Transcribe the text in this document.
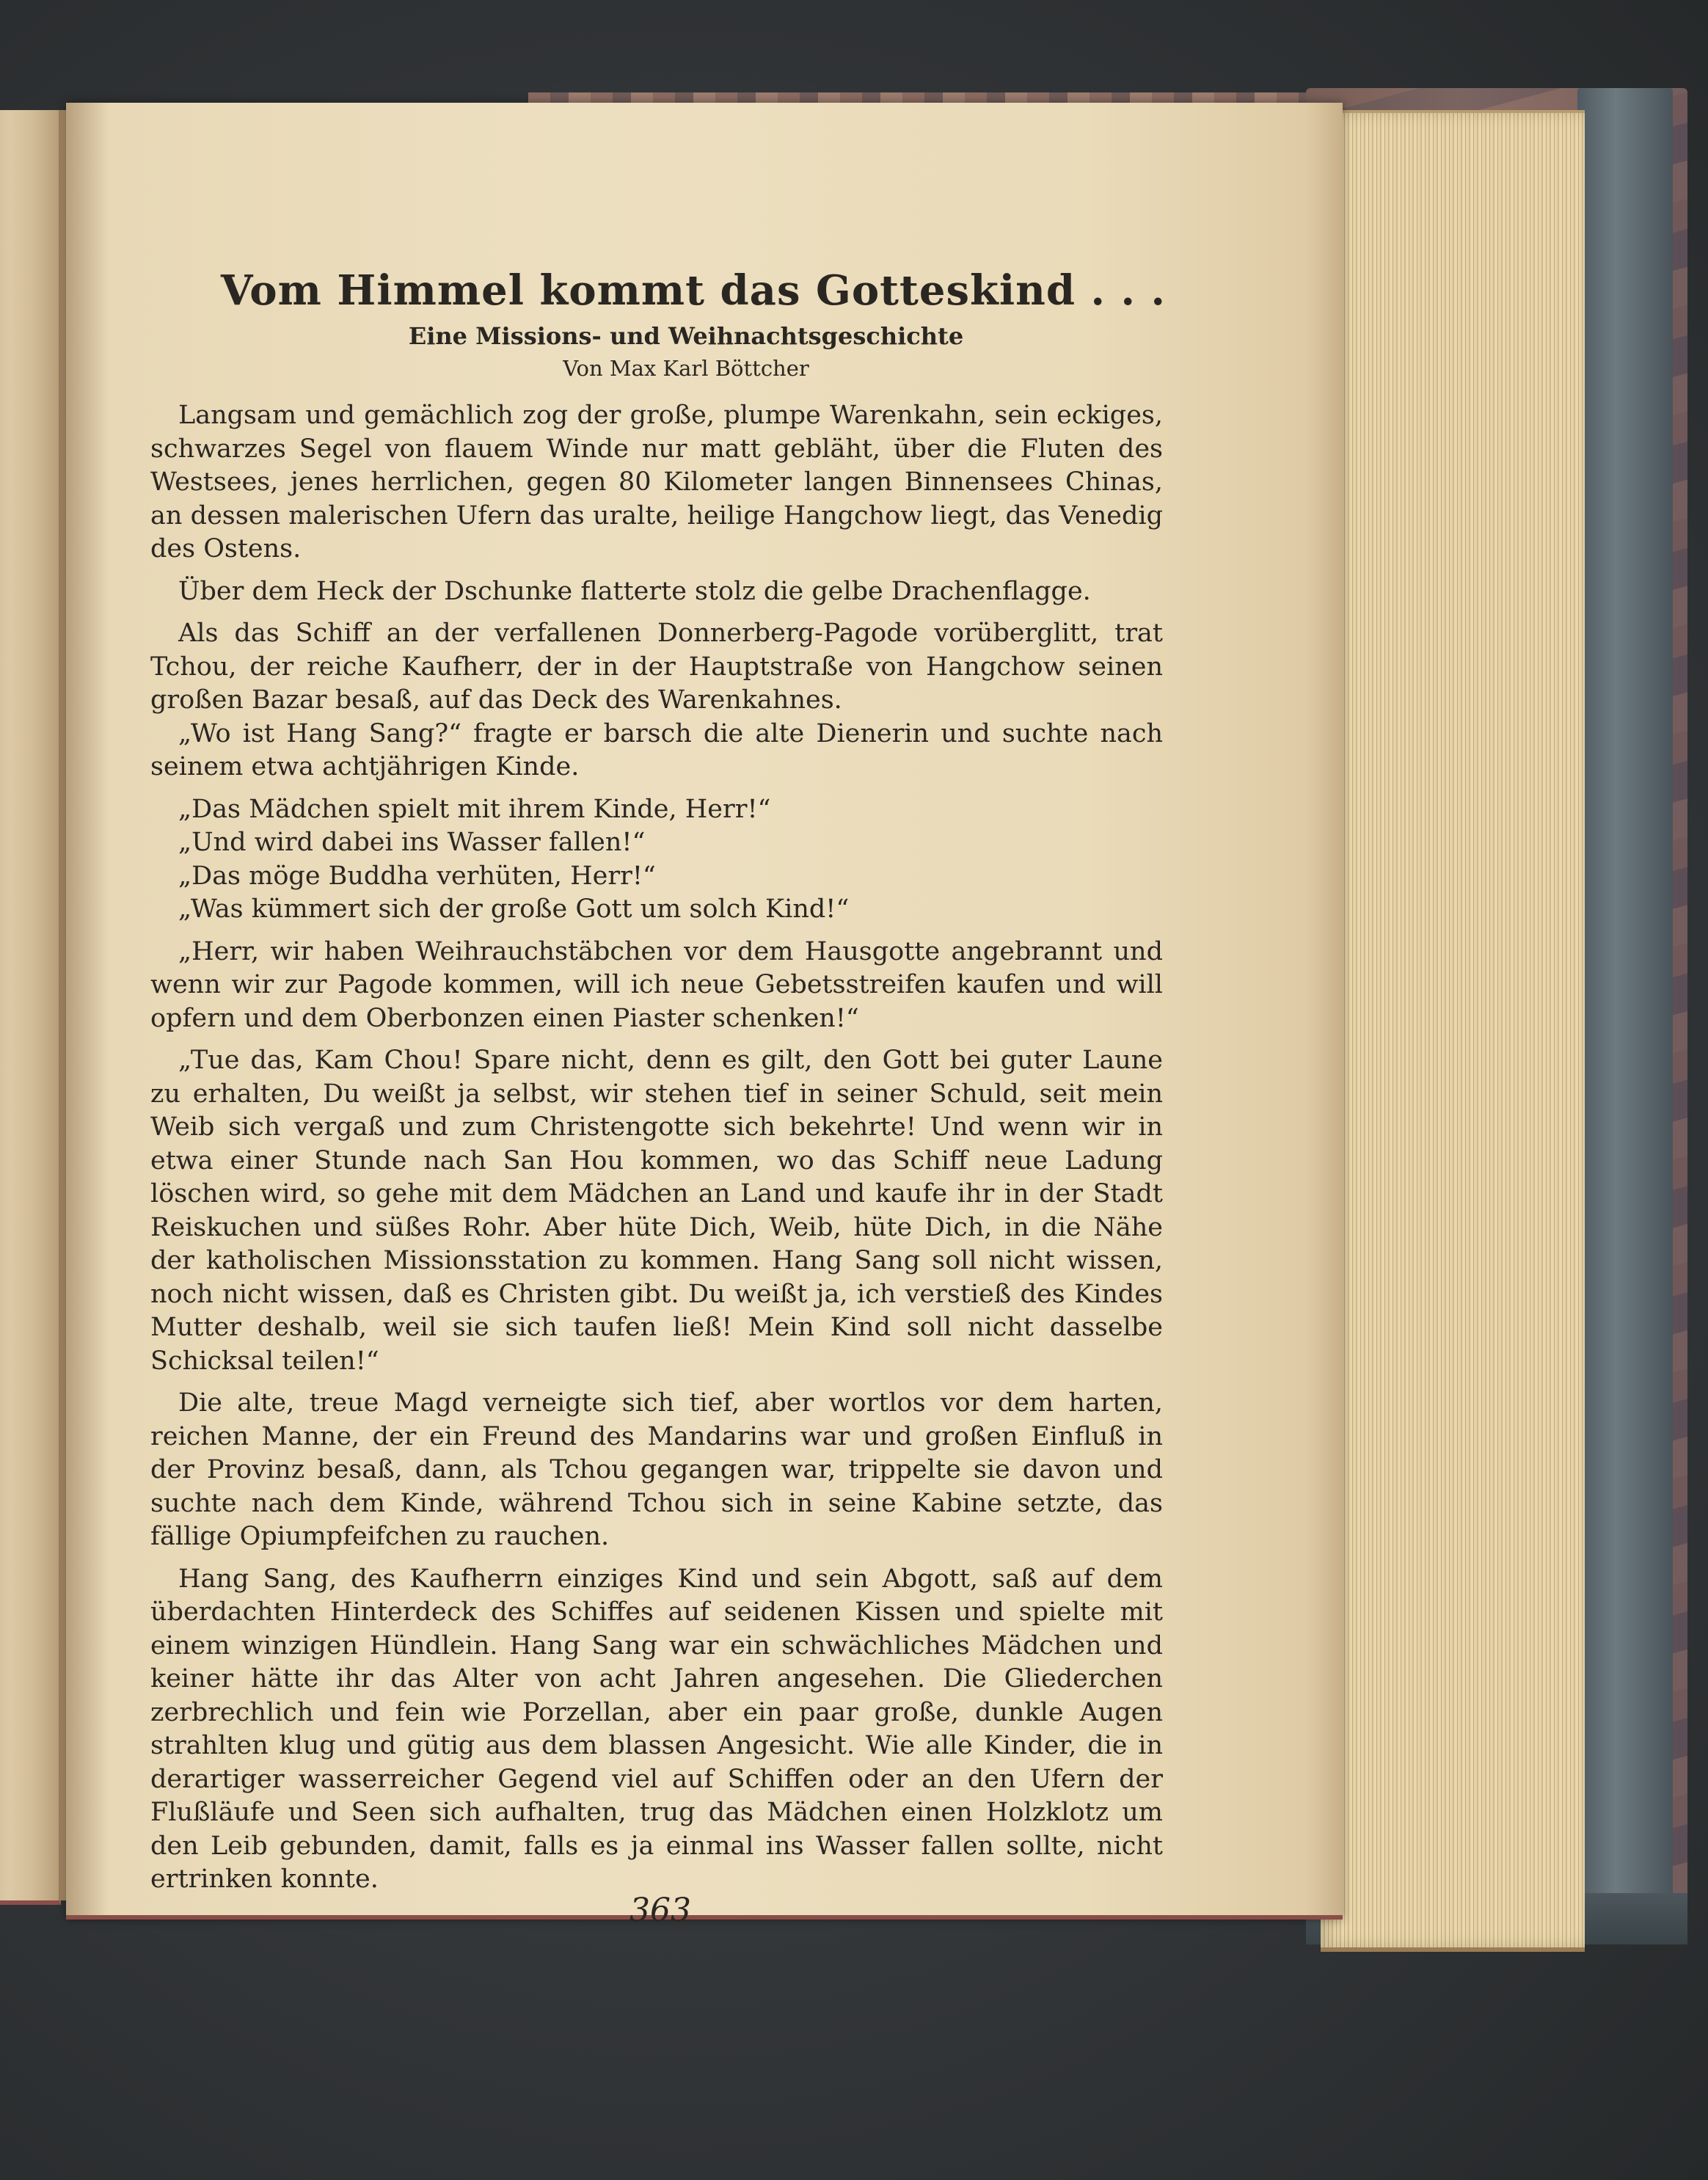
Vom Himmel kommt das Gotteskind . . .
Eine Missions- und Weihnachtsgeschichte
Von Max Karl Böttcher

Langsam und gemächlich zog der große, plumpe Warenkahn, sein eckiges, schwarzes Segel von flauem Winde nur matt gebläht, über die Fluten des Westsees, jenes herrlichen, gegen 80 Kilometer langen Binnensees Chinas, an dessen malerischen Ufern das uralte, heilige Hangchow liegt, das Venedig des Ostens.

Über dem Heck der Dschunke flatterte stolz die gelbe Drachenflagge.

Als das Schiff an der verfallenen Donnerberg-Pagode vorüberglitt, trat Tchou, der reiche Kaufherr, der in der Hauptstraße von Hangchow seinen großen Bazar besaß, auf das Deck des Warenkahnes.

„Wo ist Hang Sang?“ fragte er barsch die alte Dienerin und suchte nach seinem etwa achtjährigen Kinde.

„Das Mädchen spielt mit ihrem Kinde, Herr!“

„Und wird dabei ins Wasser fallen!“

„Das möge Buddha verhüten, Herr!“

„Was kümmert sich der große Gott um solch Kind!“

„Herr, wir haben Weihrauchstäbchen vor dem Hausgotte angebrannt und wenn wir zur Pagode kommen, will ich neue Gebetsstreifen kaufen und will opfern und dem Oberbonzen einen Piaster schenken!“

„Tue das, Kam Chou! Spare nicht, denn es gilt, den Gott bei guter Laune zu erhalten, Du weißt ja selbst, wir stehen tief in seiner Schuld, seit mein Weib sich vergaß und zum Christengotte sich bekehrte! Und wenn wir in etwa einer Stunde nach San Hou kommen, wo das Schiff neue Ladung löschen wird, so gehe mit dem Mädchen an Land und kaufe ihr in der Stadt Reiskuchen und süßes Rohr. Aber hüte Dich, Weib, hüte Dich, in die Nähe der katholischen Missionsstation zu kommen. Hang Sang soll nicht wissen, noch nicht wissen, daß es Christen gibt. Du weißt ja, ich verstieß des Kindes Mutter deshalb, weil sie sich taufen ließ! Mein Kind soll nicht dasselbe Schicksal teilen!“

Die alte, treue Magd verneigte sich tief, aber wortlos vor dem harten, reichen Manne, der ein Freund des Mandarins war und großen Einfluß in der Provinz besaß, dann, als Tchou gegangen war, trippelte sie davon und suchte nach dem Kinde, während Tchou sich in seine Kabine setzte, das fällige Opiumpfeifchen zu rauchen.

Hang Sang, des Kaufherrn einziges Kind und sein Abgott, saß auf dem überdachten Hinterdeck des Schiffes auf seidenen Kissen und spielte mit einem winzigen Hündlein. Hang Sang war ein schwächliches Mädchen und keiner hätte ihr das Alter von acht Jahren angesehen. Die Gliederchen zerbrechlich und fein wie Porzellan, aber ein paar große, dunkle Augen strahlten klug und gütig aus dem blassen Angesicht. Wie alle Kinder, die in derartiger wasserreicher Gegend viel auf Schiffen oder an den Ufern der Flußläufe und Seen sich aufhalten, trug das Mädchen einen Holzklotz um den Leib gebunden, damit, falls es ja einmal ins Wasser fallen sollte, nicht ertrinken konnte.

363
